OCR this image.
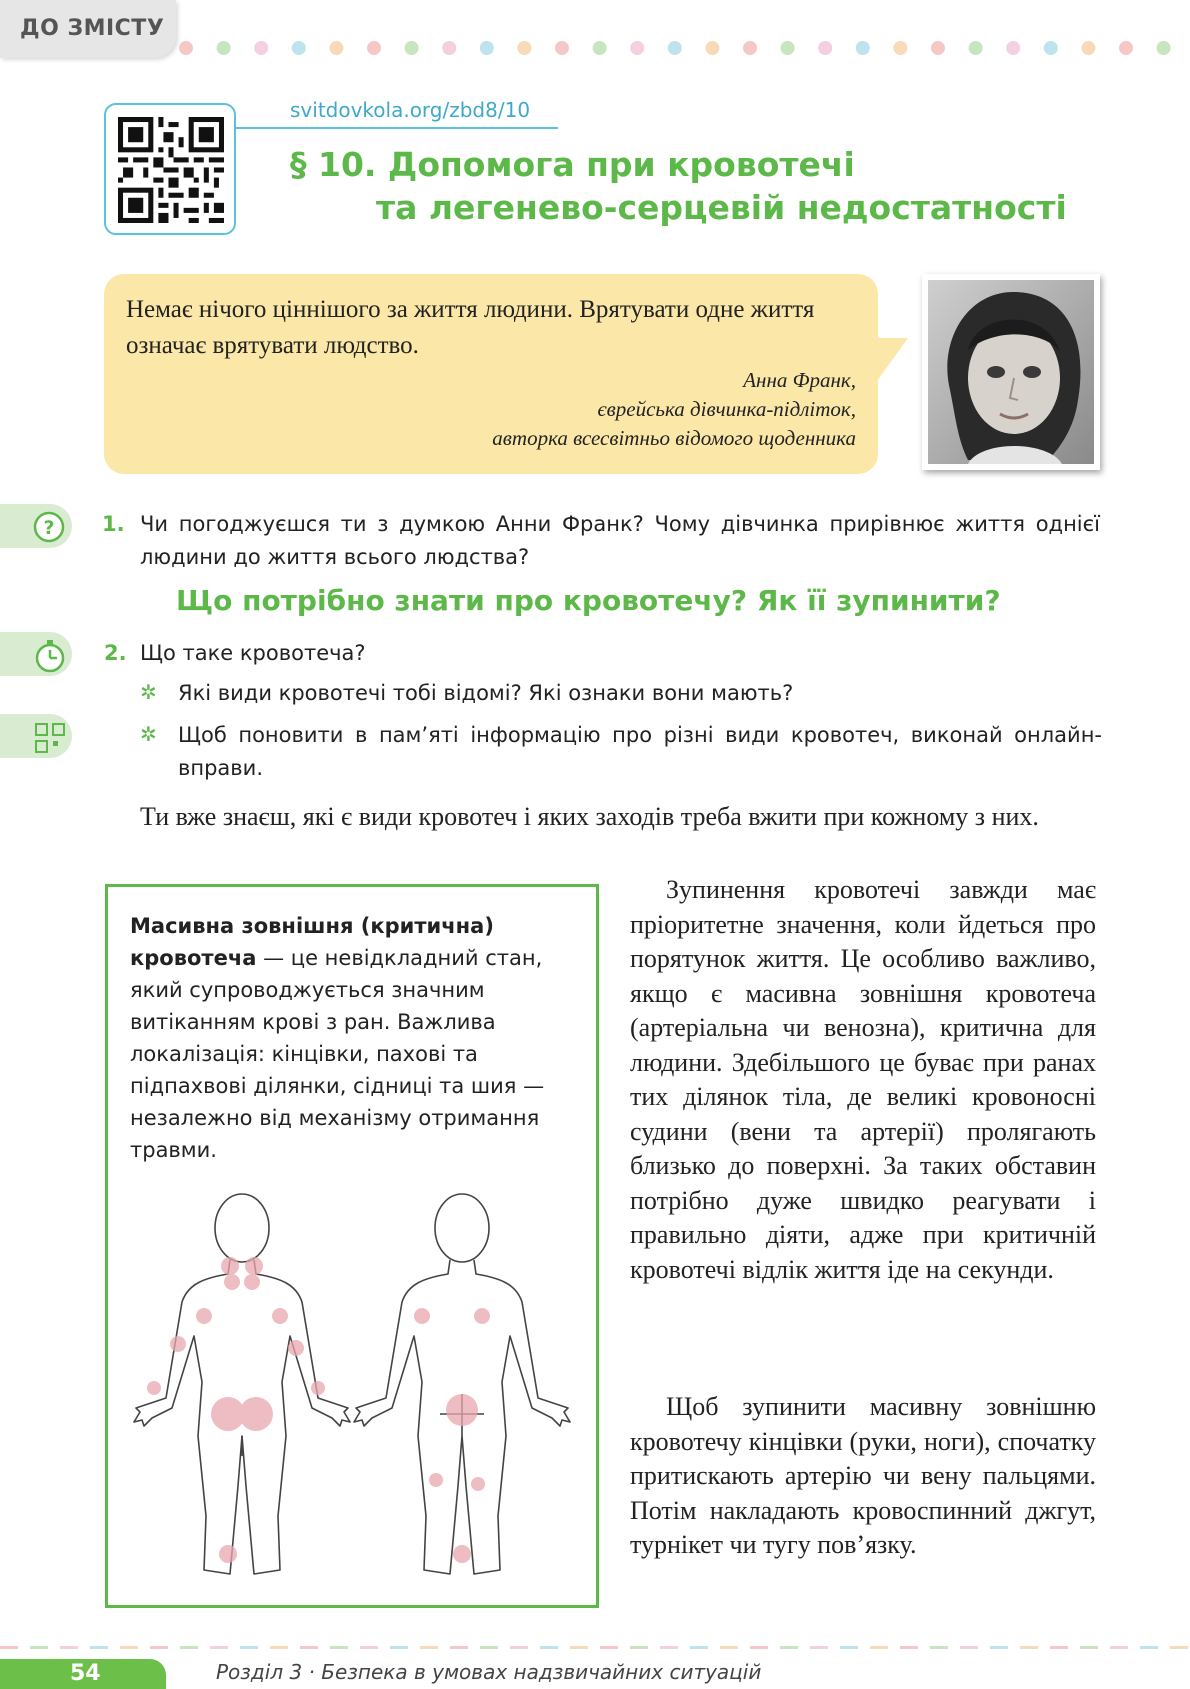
ДО ЗМІСТУ
svitdovkola.org/zbd8/10
§ 10. Допомога при кровотечі
та легенево-серцевій недостатності
Немає нічого ціннішого за життя людини. Врятувати одне життя означає врятувати людство.
Анна Франк,
єврейська дівчинка-підліток,
авторка всесвітньо відомого щоденника
? 1. Чи погоджуєшся ти з думкою Анни Франк? Чому дівчинка прирівнює життя однієї людини до життя всього людства?
Що потрібно знати про кровотечу? Як її зупинити?
2. Що таке кровотеча?
✲ Які види кровотечі тобі відомі? Які ознаки вони мають?
✲ Щоб поновити в пам’яті інформацію про різні види кровотеч, виконай онлайн-вправи.
Ти вже знаєш, які є види кровотеч і яких заходів треба вжити при кожному з них.
Масивна зовнішня (критична) кровотеча — це невідкладний стан, який супроводжується значним витіканням крові з ран. Важлива локалізація: кінцівки, пахові та підпахвові ділянки, сідниці та шия — незалежно від механізму отримання травми.
Зупинення кровотечі завжди має пріоритетне значення, коли йдеться про порятунок життя. Це особливо важливо, якщо є масивна зовнішня кровотеча (артеріальна чи венозна), критична для людини. Здебільшого це буває при ранах тих ділянок тіла, де великі кровоносні судини (вени та артерії) пролягають близько до поверхні. За таких обставин потрібно дуже швидко реагувати і правильно діяти, адже при критичній кровотечі відлік життя іде на секунди.
Щоб зупинити масивну зовнішню кровотечу кінцівки (руки, ноги), спочатку притискають артерію чи вену пальцями. Потім накладають кровоспинний джгут, турнікет чи тугу пов’язку.
54	Розділ 3 · Безпека в умовах надзвичайних ситуацій
